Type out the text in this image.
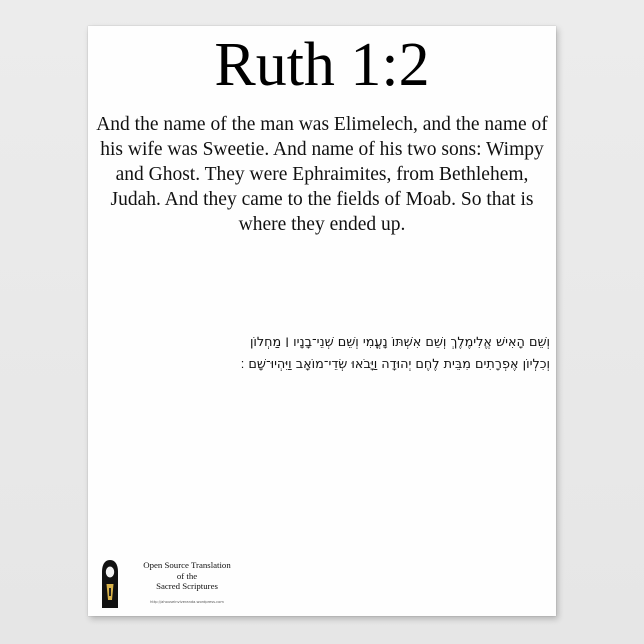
Ruth 1:2
And the name of the man was Elimelech, and the name of his wife was Sweetie. And name of his two sons: Wimpy and Ghost. They were Ephraimites, from Bethlehem, Judah. And they came to the fields of Moab. So that is where they ended up.
וְשֵׁם הָאִישׁ אֱלִימֶלֶךְ וְשֵׁם אִשְׁתּוֹ נָעֳמִי וְשֵׁם שְׁנֵי־בָנָיו ׀ מַחְלוֹן
וְכִלְיוֹן אֶפְרָתִים מִבֵּית לֶחֶם יְהוּדָה וַיָּבֹאוּ שְׂדֵי־מוֹאָב וַיִּהְיוּ־שָׁם ׃
Open Source Translation
of the
Sacred Scriptures
http://ahouseinviveranda.wordpress.com
